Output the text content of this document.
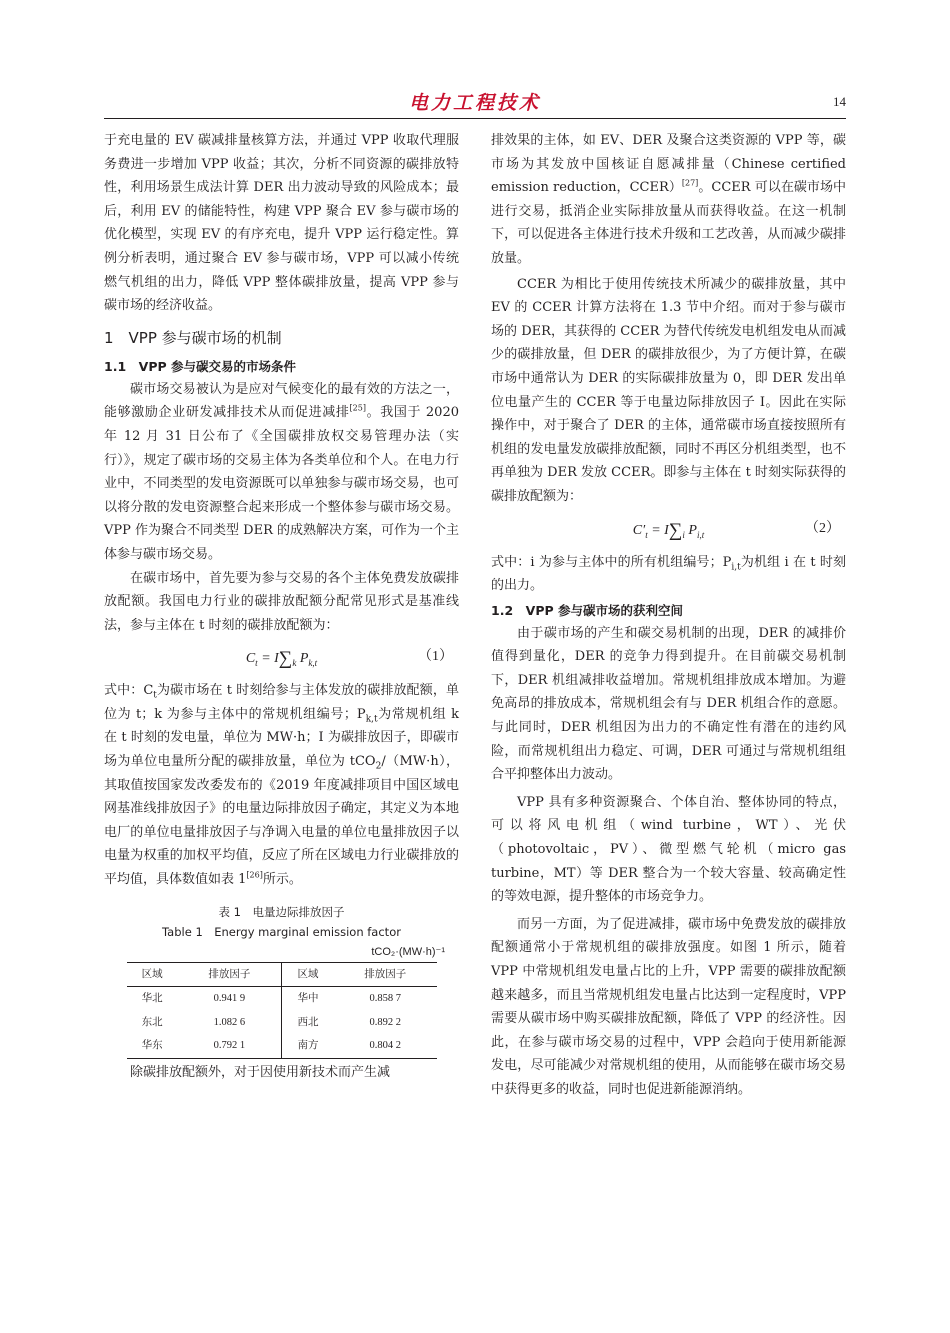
电力工程技术	14

于充电量的 EV 碳减排量核算方法，并通过 VPP 收取代理服务费进一步增加 VPP 收益；其次，分析不同资源的碳排放特性，利用场景生成法计算 DER 出力波动导致的风险成本；最后，利用 EV 的储能特性，构建 VPP 聚合 EV 参与碳市场的优化模型，实现 EV 的有序充电，提升 VPP 运行稳定性。算例分析表明，通过聚合 EV 参与碳市场，VPP 可以减小传统燃气机组的出力，降低 VPP 整体碳排放量，提高 VPP 参与碳市场的经济收益。

1　VPP 参与碳市场的机制
1.1　VPP 参与碳交易的市场条件

碳市场交易被认为是应对气候变化的最有效的方法之一，能够激励企业研发减排技术从而促进减排[25]。我国于 2020 年 12 月 31 日公布了《全国碳排放权交易管理办法（实行）》，规定了碳市场的交易主体为各类单位和个人。在电力行业中，不同类型的发电资源既可以单独参与碳市场交易，也可以将分散的发电资源整合起来形成一个整体参与碳市场交易。VPP 作为聚合不同类型 DER 的成熟解决方案，可作为一个主体参与碳市场交易。

在碳市场中，首先要为参与交易的各个主体免费发放碳排放配额。我国电力行业的碳排放配额分配常见形式是基准线法，参与主体在 t 时刻的碳排放配额为：

$C_t = I\sum_k$ $P_{k,t}$	（1）

式中：$C_t$为碳市场在 t 时刻给参与主体发放的碳排放配额，单位为 t；k 为参与主体中的常规机组编号；$P_{k,t}$为常规机组 k 在 t 时刻的发电量，单位为 MW·h；I 为碳排放因子，即碳市场为单位电量所分配的碳排放量，单位为 tCO$_2$/（MW·h），其取值按国家发改委发布的《2019 年度减排项目中国区域电网基准线排放因子》的电量边际排放因子确定，其定义为本地电厂的单位电量排放因子与净调入电量的单位电量排放因子以电量为权重的加权平均值，反应了所在区域电力行业碳排放的平均值，具体数值如表 1[26]所示。

表 1　电量边际排放因子
Table 1　Energy marginal emission factor
tCO₂·(MW·h)⁻¹
区域	排放因子	区域	排放因子
华北	0.941 9	华中	0.858 7
东北	1.082 6	西北	0.892 2
华东	0.792 1	南方	0.804 2

除碳排放配额外，对于因使用新技术而产生减

排效果的主体，如 EV、DER 及聚合这类资源的 VPP 等，碳市场为其发放中国核证自愿减排量（Chinese certified emission reduction，CCER）[27]。CCER 可以在碳市场中进行交易，抵消企业实际排放量从而获得收益。在这一机制下，可以促进各主体进行技术升级和工艺改善，从而减少碳排放量。

CCER 为相比于使用传统技术所减少的碳排放量，其中 EV 的 CCER 计算方法将在 1.3 节中介绍。而对于参与碳市场的 DER，其获得的 CCER 为替代传统发电机组发电从而减少的碳排放量，但 DER 的碳排放很少，为了方便计算，在碳市场中通常认为 DER 的实际碳排放量为 0，即 DER 发出单位电量产生的 CCER 等于电量边际排放因子 I。因此在实际操作中，对于聚合了 DER 的主体，通常碳市场直接按照所有机组的发电量发放碳排放配额，同时不再区分机组类型，也不再单独为 DER 发放 CCER。即参与主体在 t 时刻实际获得的碳排放配额为：

$C'_t = I\sum_i$ $P_{i,t}$	（2）

式中：i 为参与主体中的所有机组编号；$P_{i,t}$为机组 i 在 t 时刻的出力。

1.2　VPP 参与碳市场的获利空间

由于碳市场的产生和碳交易机制的出现，DER 的减排价值得到量化，DER 的竞争力得到提升。在目前碳交易机制下，DER 机组减排收益增加。常规机组排放成本增加。为避免高昂的排放成本，常规机组会有与 DER 机组合作的意愿。与此同时，DER 机组因为出力的不确定性有潜在的违约风险，而常规机组出力稳定、可调，DER 可通过与常规机组组合平抑整体出力波动。

VPP 具有多种资源聚合、个体自治、整体协同的特点，可以将风电机组（wind turbine，WT）、光伏（photovoltaic，PV）、微型燃气轮机（micro gas turbine，MT）等 DER 整合为一个较大容量、较高确定性的等效电源，提升整体的市场竞争力。

而另一方面，为了促进减排，碳市场中免费发放的碳排放配额通常小于常规机组的碳排放强度。如图 1 所示，随着 VPP 中常规机组发电量占比的上升，VPP 需要的碳排放配额越来越多，而且当常规机组发电量占比达到一定程度时，VPP 需要从碳市场中购买碳排放配额，降低了 VPP 的经济性。因此，在参与碳市场交易的过程中，VPP 会趋向于使用新能源发电，尽可能减少对常规机组的使用，从而能够在碳市场交易中获得更多的收益，同时也促进新能源消纳。
